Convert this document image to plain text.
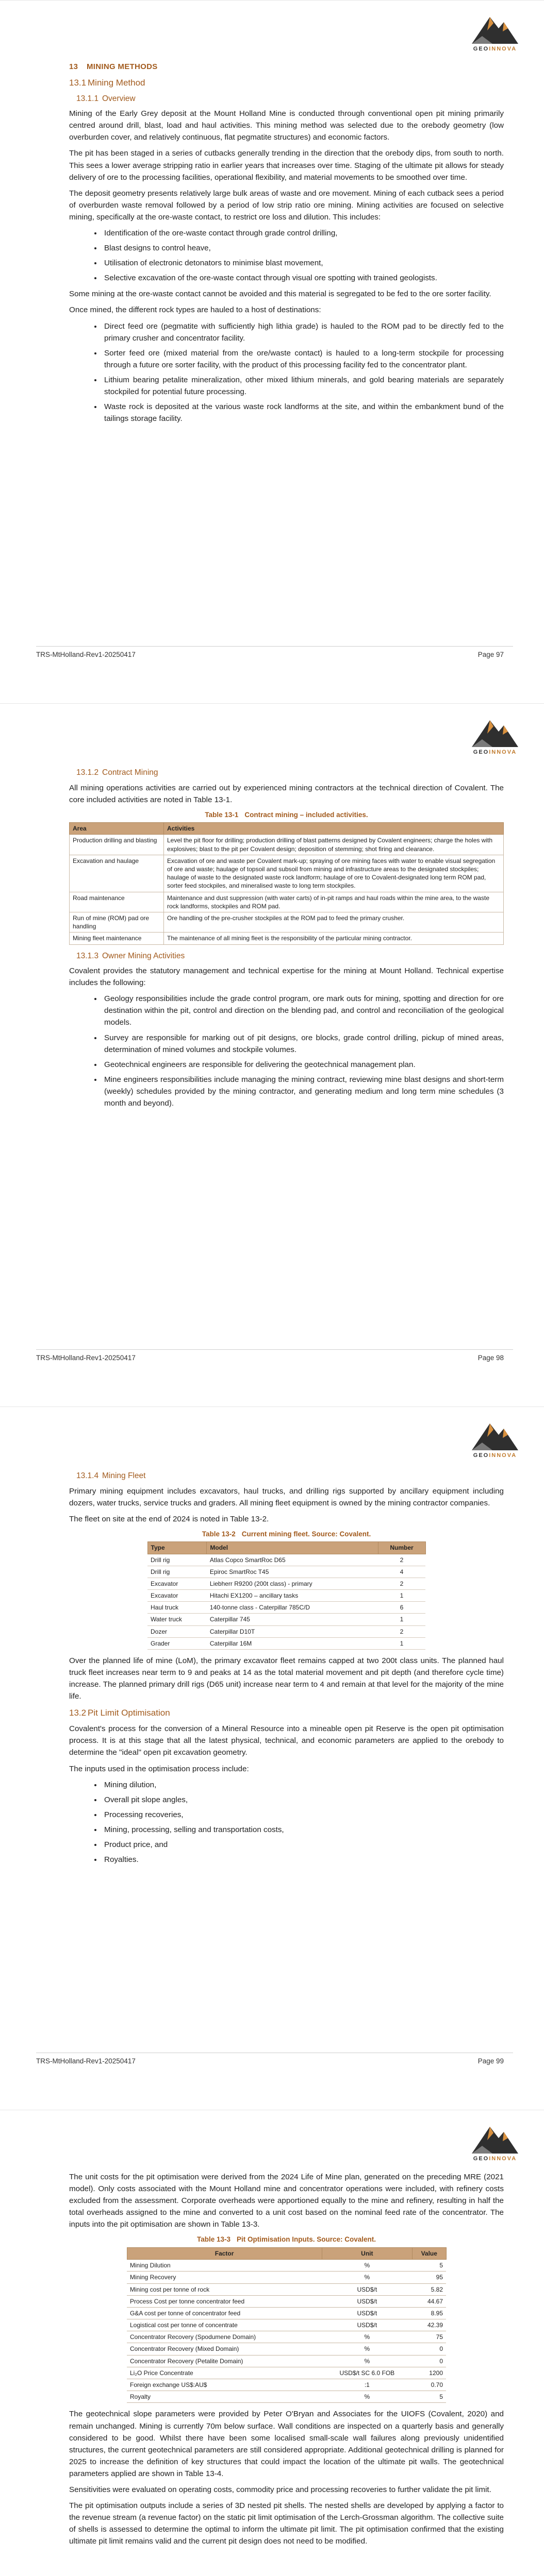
GEOINNOVA
13 MINING METHODS
13.1 Mining Method
13.1.1 Overview

Mining of the Early Grey deposit at the Mount Holland Mine is conducted through conventional open pit mining primarily centred around drill, blast, load and haul activities. This mining method was selected due to the orebody geometry (low overburden cover, and relatively continuous, flat pegmatite structures) and economic factors.

The pit has been staged in a series of cutbacks generally trending in the direction that the orebody dips, from south to north. This sees a lower average stripping ratio in earlier years that increases over time. Staging of the ultimate pit allows for steady delivery of ore to the processing facilities, operational flexibility, and material movements to be smoothed over time.

The deposit geometry presents relatively large bulk areas of waste and ore movement. Mining of each cutback sees a period of overburden waste removal followed by a period of low strip ratio ore mining. Mining activities are focused on selective mining, specifically at the ore-waste contact, to restrict ore loss and dilution. This includes:

• Identification of the ore-waste contact through grade control drilling,
• Blast designs to control heave,
• Utilisation of electronic detonators to minimise blast movement,
• Selective excavation of the ore-waste contact through visual ore spotting with trained geologists.

Some mining at the ore-waste contact cannot be avoided and this material is segregated to be fed to the ore sorter facility.

Once mined, the different rock types are hauled to a host of destinations:

• Direct feed ore (pegmatite with sufficiently high lithia grade) is hauled to the ROM pad to be directly fed to the primary crusher and concentrator facility.
• Sorter feed ore (mixed material from the ore/waste contact) is hauled to a long-term stockpile for processing through a future ore sorter facility, with the product of this processing facility fed to the concentrator plant.
• Lithium bearing petalite mineralization, other mixed lithium minerals, and gold bearing materials are separately stockpiled for potential future processing.
• Waste rock is deposited at the various waste rock landforms at the site, and within the embankment bund of the tailings storage facility.
TRS-MtHolland-Rev1-20250417	Page 97
GEOINNOVA
13.1.2 Contract Mining

All mining operations activities are carried out by experienced mining contractors at the technical direction of Covalent. The core included activities are noted in Table 13-1.

Table 13-1 Contract mining – included activities.
Area	Activities
Production drilling and blasting	Level the pit floor for drilling; production drilling of blast patterns designed by Covalent engineers; charge the holes with explosives; blast to the pit per Covalent design; deposition of stemming; shot firing and clearance.
Excavation and haulage	Excavation of ore and waste per Covalent mark-up; spraying of ore mining faces with water to enable visual segregation of ore and waste; haulage of topsoil and subsoil from mining and infrastructure areas to the designated stockpiles; haulage of waste to the designated waste rock landform; haulage of ore to Covalent-designated long term ROM pad, sorter feed stockpiles, and mineralised waste to long term stockpiles.
Road maintenance	Maintenance and dust suppression (with water carts) of in-pit ramps and haul roads within the mine area, to the waste rock landforms, stockpiles and ROM pad.
Run of mine (ROM) pad ore handling	Ore handling of the pre-crusher stockpiles at the ROM pad to feed the primary crusher.
Mining fleet maintenance	The maintenance of all mining fleet is the responsibility of the particular mining contractor.
13.1.3 Owner Mining Activities

Covalent provides the statutory management and technical expertise for the mining at Mount Holland. Technical expertise includes the following:

• Geology responsibilities include the grade control program, ore mark outs for mining, spotting and direction for ore destination within the pit, control and direction on the blending pad, and control and reconciliation of the geological models.
• Survey are responsible for marking out of pit designs, ore blocks, grade control drilling, pickup of mined areas, determination of mined volumes and stockpile volumes.
• Geotechnical engineers are responsible for delivering the geotechnical management plan.
• Mine engineers responsibilities include managing the mining contract, reviewing mine blast designs and short-term (weekly) schedules provided by the mining contractor, and generating medium and long term mine schedules (3 month and beyond).
TRS-MtHolland-Rev1-20250417	Page 98
GEOINNOVA
13.1.4 Mining Fleet

Primary mining equipment includes excavators, haul trucks, and drilling rigs supported by ancillary equipment including dozers, water trucks, service trucks and graders. All mining fleet equipment is owned by the mining contractor companies.

The fleet on site at the end of 2024 is noted in Table 13-2.

Table 13-2 Current mining fleet. Source: Covalent.
Type	Model	Number
Drill rig	Atlas Copco SmartRoc D65	2
Drill rig	Epiroc SmartRoc T45	4
Excavator	Liebherr R9200 (200t class) - primary	2
Excavator	Hitachi EX1200 – ancillary tasks	1
Haul truck	140-tonne class - Caterpillar 785C/D	6
Water truck	Caterpillar 745	1
Dozer	Caterpillar D10T	2
Grader	Caterpillar 16M	1

Over the planned life of mine (LoM), the primary excavator fleet remains capped at two 200t class units. The planned haul truck fleet increases near term to 9 and peaks at 14 as the total material movement and pit depth (and therefore cycle time) increase. The planned primary drill rigs (D65 unit) increase near term to 4 and remain at that level for the majority of the mine life.

13.2 Pit Limit Optimisation

Covalent's process for the conversion of a Mineral Resource into a mineable open pit Reserve is the open pit optimisation process. It is at this stage that all the latest physical, technical, and economic parameters are applied to the orebody to determine the "ideal" open pit excavation geometry.

The inputs used in the optimisation process include:

• Mining dilution,
• Overall pit slope angles,
• Processing recoveries,
• Mining, processing, selling and transportation costs,
• Product price, and
• Royalties.
TRS-MtHolland-Rev1-20250417	Page 99
GEOINNOVA

The unit costs for the pit optimisation were derived from the 2024 Life of Mine plan, generated on the preceding MRE (2021 model). Only costs associated with the Mount Holland mine and concentrator operations were included, with refinery costs excluded from the assessment. Corporate overheads were apportioned equally to the mine and refinery, resulting in half the total overheads assigned to the mine and converted to a unit cost based on the nominal feed rate of the concentrator. The inputs into the pit optimisation are shown in Table 13-3.

Table 13-3 Pit Optimisation Inputs. Source: Covalent.
Factor	Unit	Value
Mining Dilution	%	5
Mining Recovery	%	95
Mining cost per tonne of rock	USD$/t	5.82
Process Cost per tonne concentrator feed	USD$/t	44.67
G&A cost per tonne of concentrator feed	USD$/t	8.95
Logistical cost per tonne of concentrate	USD$/t	42.39
Concentrator Recovery (Spodumene Domain)	%	75
Concentrator Recovery (Mixed Domain)	%	0
Concentrator Recovery (Petalite Domain)	%	0
Li₂O Price Concentrate	USD$/t SC 6.0 FOB	1200
Foreign exchange US$:AU$	:1	0.70
Royalty	%	5

The geotechnical slope parameters were provided by Peter O'Bryan and Associates for the UIOFS (Covalent, 2020) and remain unchanged. Mining is currently 70m below surface. Wall conditions are inspected on a quarterly basis and generally considered to be good. Whilst there have been some localised small-scale wall failures along previously unidentified structures, the current geotechnical parameters are still considered appropriate. Additional geotechnical drilling is planned for 2025 to increase the definition of key structures that could impact the location of the ultimate pit walls. The geotechnical parameters applied are shown in Table 13-4.

Sensitivities were evaluated on operating costs, commodity price and processing recoveries to further validate the pit limit.

The pit optimisation outputs include a series of 3D nested pit shells. The nested shells are developed by applying a factor to the revenue stream (a revenue factor) on the static pit limit optimisation of the Lerch-Grossman algorithm. The collective suite of shells is assessed to determine the optimal to inform the ultimate pit limit. The pit optimisation confirmed that the existing ultimate pit limit remains valid and the current pit design does not need to be modified.
